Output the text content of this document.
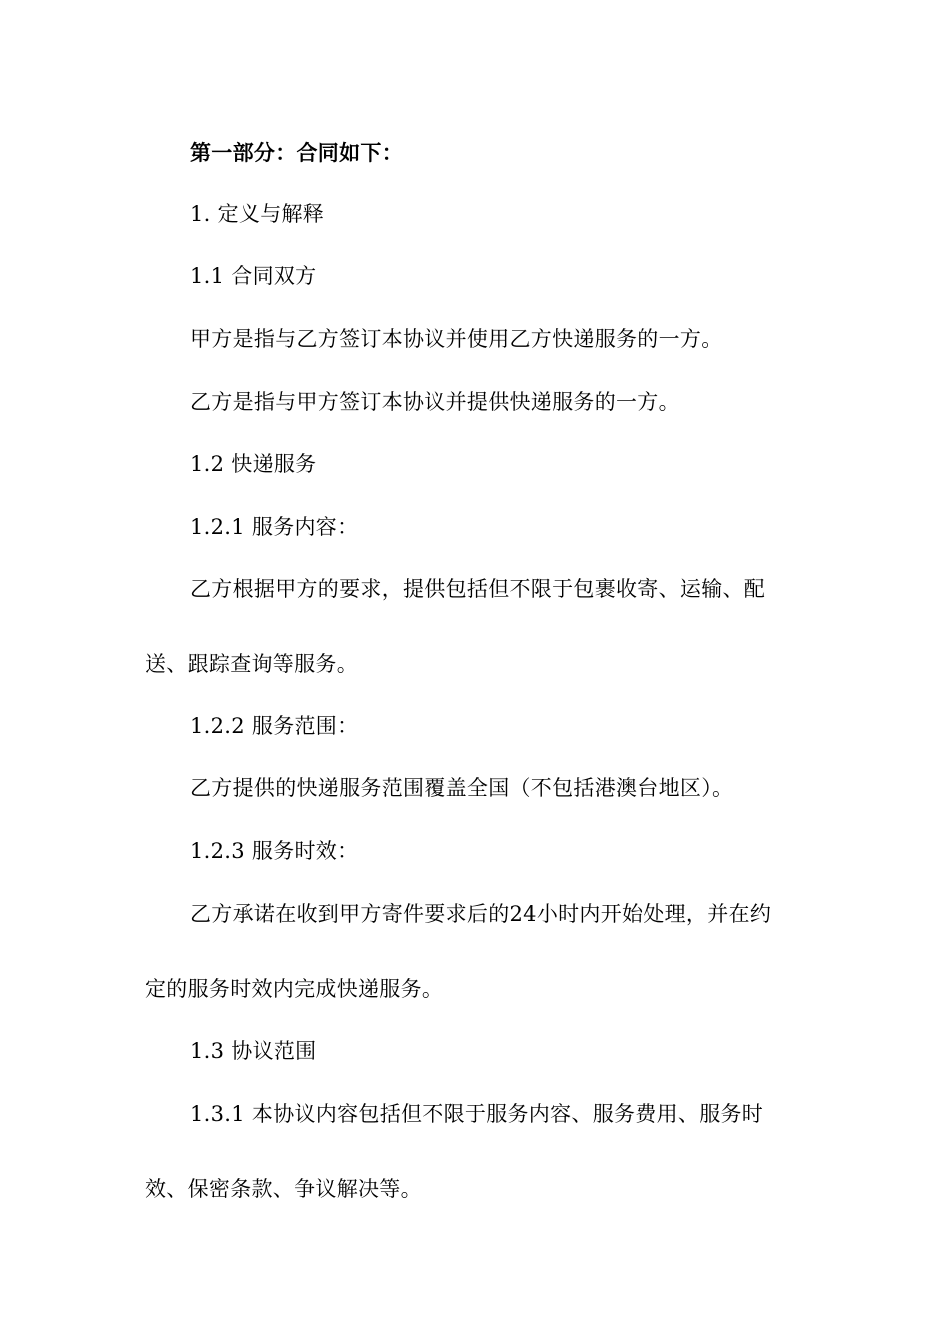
第一部分：合同如下：
1. 定义与解释
1.1 合同双方
甲方是指与乙方签订本协议并使用乙方快递服务的一方。
乙方是指与甲方签订本协议并提供快递服务的一方。
1.2 快递服务
1.2.1 服务内容：
乙方根据甲方的要求，提供包括但不限于包裹收寄、运输、配
送、跟踪查询等服务。
1.2.2 服务范围：
乙方提供的快递服务范围覆盖全国（不包括港澳台地区）。
1.2.3 服务时效：
乙方承诺在收到甲方寄件要求后的24小时内开始处理，并在约
定的服务时效内完成快递服务。
1.3 协议范围
1.3.1 本协议内容包括但不限于服务内容、服务费用、服务时
效、保密条款、争议解决等。
